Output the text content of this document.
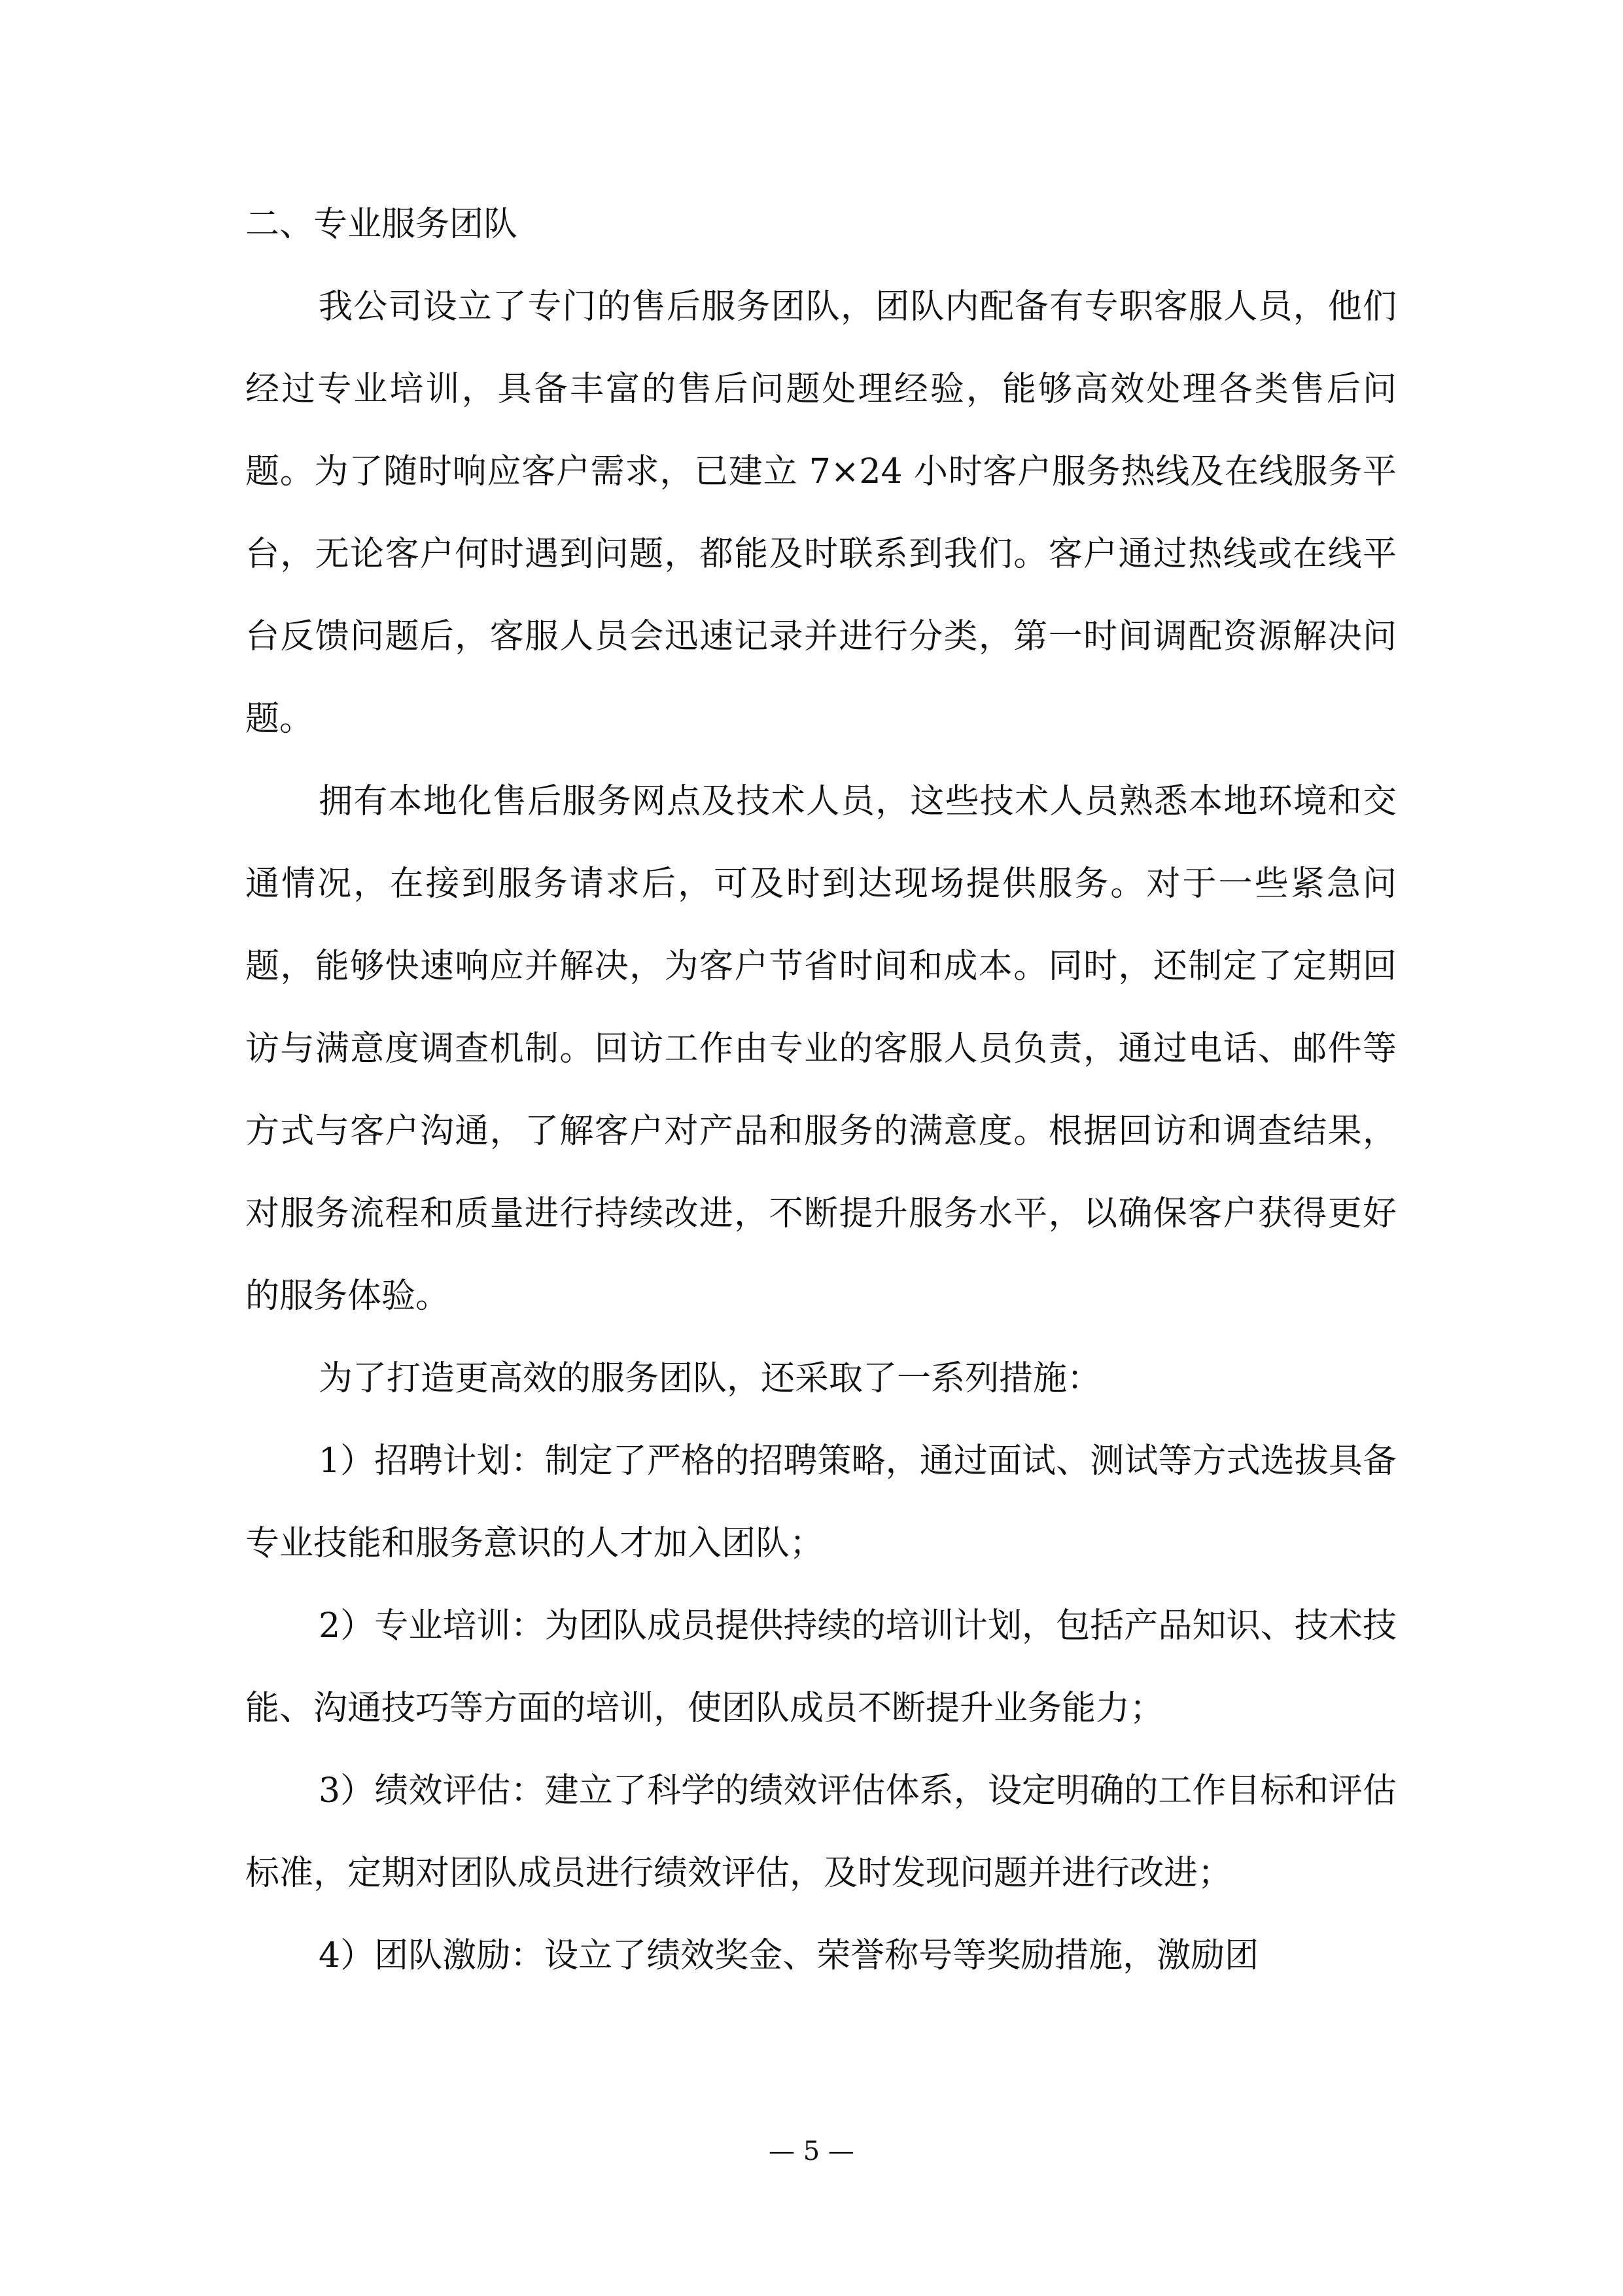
二、专业服务团队

我公司设立了专门的售后服务团队，团队内配备有专职客服人员，他们经过专业培训，具备丰富的售后问题处理经验，能够高效处理各类售后问题。为了随时响应客户需求，已建立 7×24 小时客户服务热线及在线服务平台，无论客户何时遇到问题，都能及时联系到我们。客户通过热线或在线平台反馈问题后，客服人员会迅速记录并进行分类，第一时间调配资源解决问题。

拥有本地化售后服务网点及技术人员，这些技术人员熟悉本地环境和交通情况，在接到服务请求后，可及时到达现场提供服务。对于一些紧急问题，能够快速响应并解决，为客户节省时间和成本。同时，还制定了定期回访与满意度调查机制。回访工作由专业的客服人员负责，通过电话、邮件等方式与客户沟通，了解客户对产品和服务的满意度。根据回访和调查结果，对服务流程和质量进行持续改进，不断提升服务水平，以确保客户获得更好的服务体验。

为了打造更高效的服务团队，还采取了一系列措施：

1）招聘计划：制定了严格的招聘策略，通过面试、测试等方式选拔具备专业技能和服务意识的人才加入团队；

2）专业培训：为团队成员提供持续的培训计划，包括产品知识、技术技能、沟通技巧等方面的培训，使团队成员不断提升业务能力；

3）绩效评估：建立了科学的绩效评估体系，设定明确的工作目标和评估标准，定期对团队成员进行绩效评估，及时发现问题并进行改进；

4）团队激励：设立了绩效奖金、荣誉称号等奖励措施，激励团

— 5 —
